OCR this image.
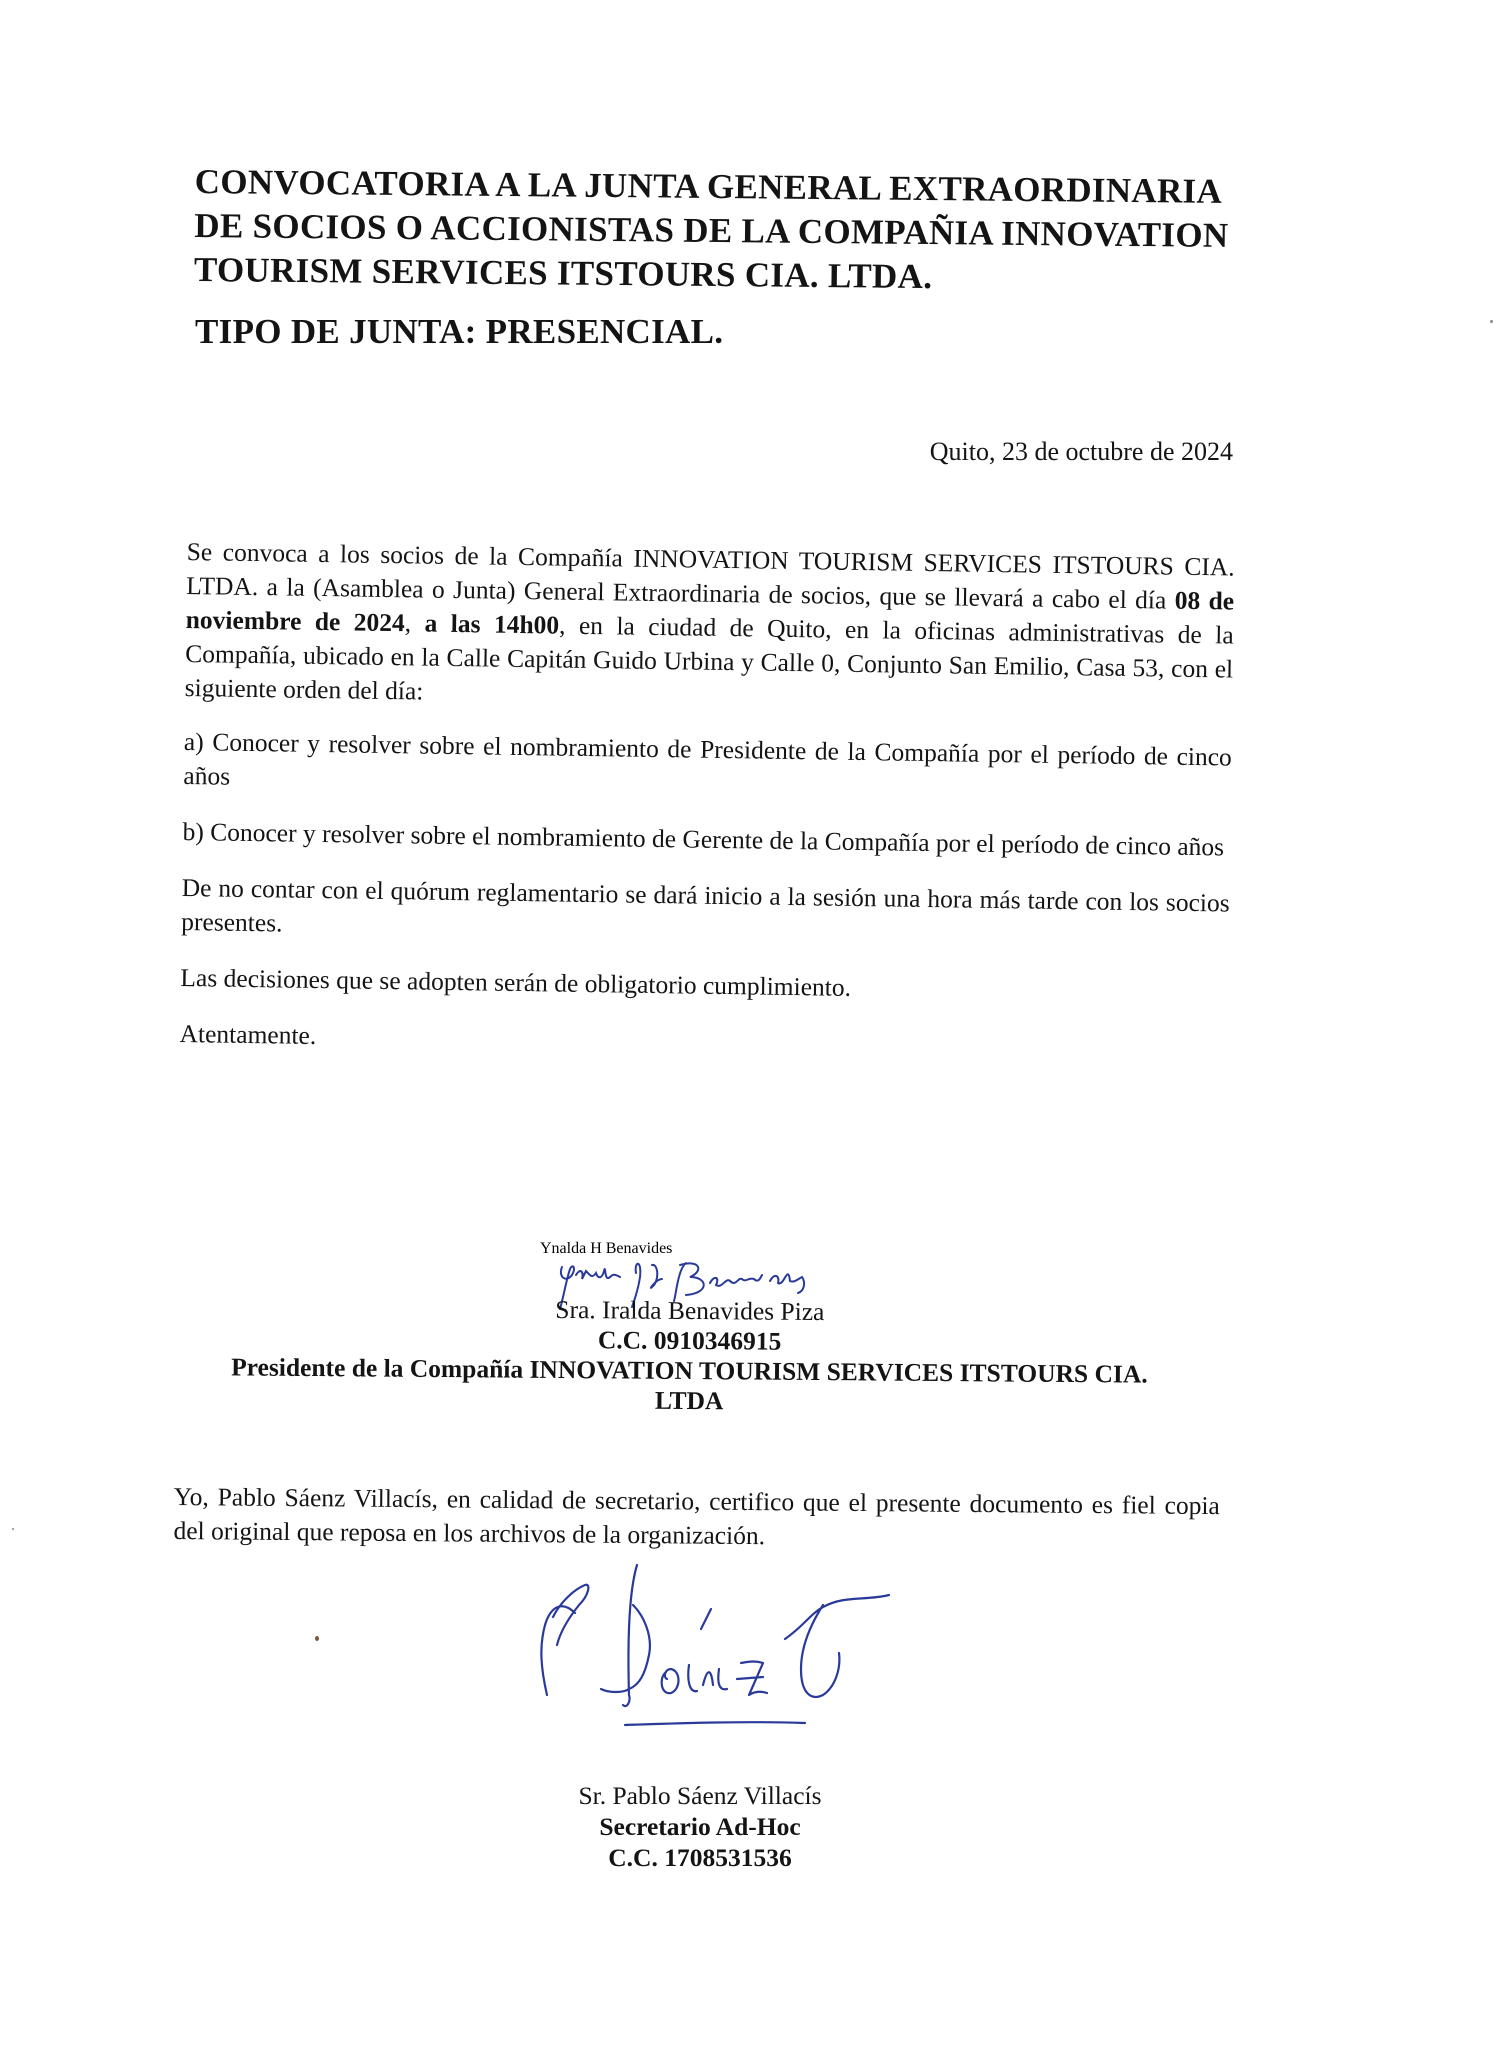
CONVOCATORIA A LA JUNTA GENERAL EXTRAORDINARIA
DE SOCIOS O ACCIONISTAS DE LA COMPAÑIA INNOVATION
TOURISM SERVICES ITSTOURS CIA. LTDA.
TIPO DE JUNTA: PRESENCIAL.
Quito, 23 de octubre de 2024

Se convoca a los socios de la Compañía INNOVATION TOURISM SERVICES ITSTOURS CIA. LTDA. a la (Asamblea o Junta) General Extraordinaria de socios, que se llevará a cabo el día 08 de noviembre de 2024, a las 14h00, en la ciudad de Quito, en la oficinas administrativas de la Compañía, ubicado en la Calle Capitán Guido Urbina y Calle 0, Conjunto San Emilio, Casa 53, con el siguiente orden del día:

a) Conocer y resolver sobre el nombramiento de Presidente de la Compañía por el período de cinco años

b) Conocer y resolver sobre el nombramiento de Gerente de la Compañía por el período de cinco años

De no contar con el quórum reglamentario se dará inicio a la sesión una hora más tarde con los socios presentes.

Las decisiones que se adopten serán de obligatorio cumplimiento.

Atentamente.

Ynalda H Benavides
Sra. Iralda Benavides Piza
C.C. 0910346915
Presidente de la Compañía INNOVATION TOURISM SERVICES ITSTOURS CIA.
LTDA
Yo, Pablo Sáenz Villacís, en calidad de secretario, certifico que el presente documento es fiel copia del original que reposa en los archivos de la organización.
Sr. Pablo Sáenz Villacís
Secretario Ad-Hoc
C.C. 1708531536
